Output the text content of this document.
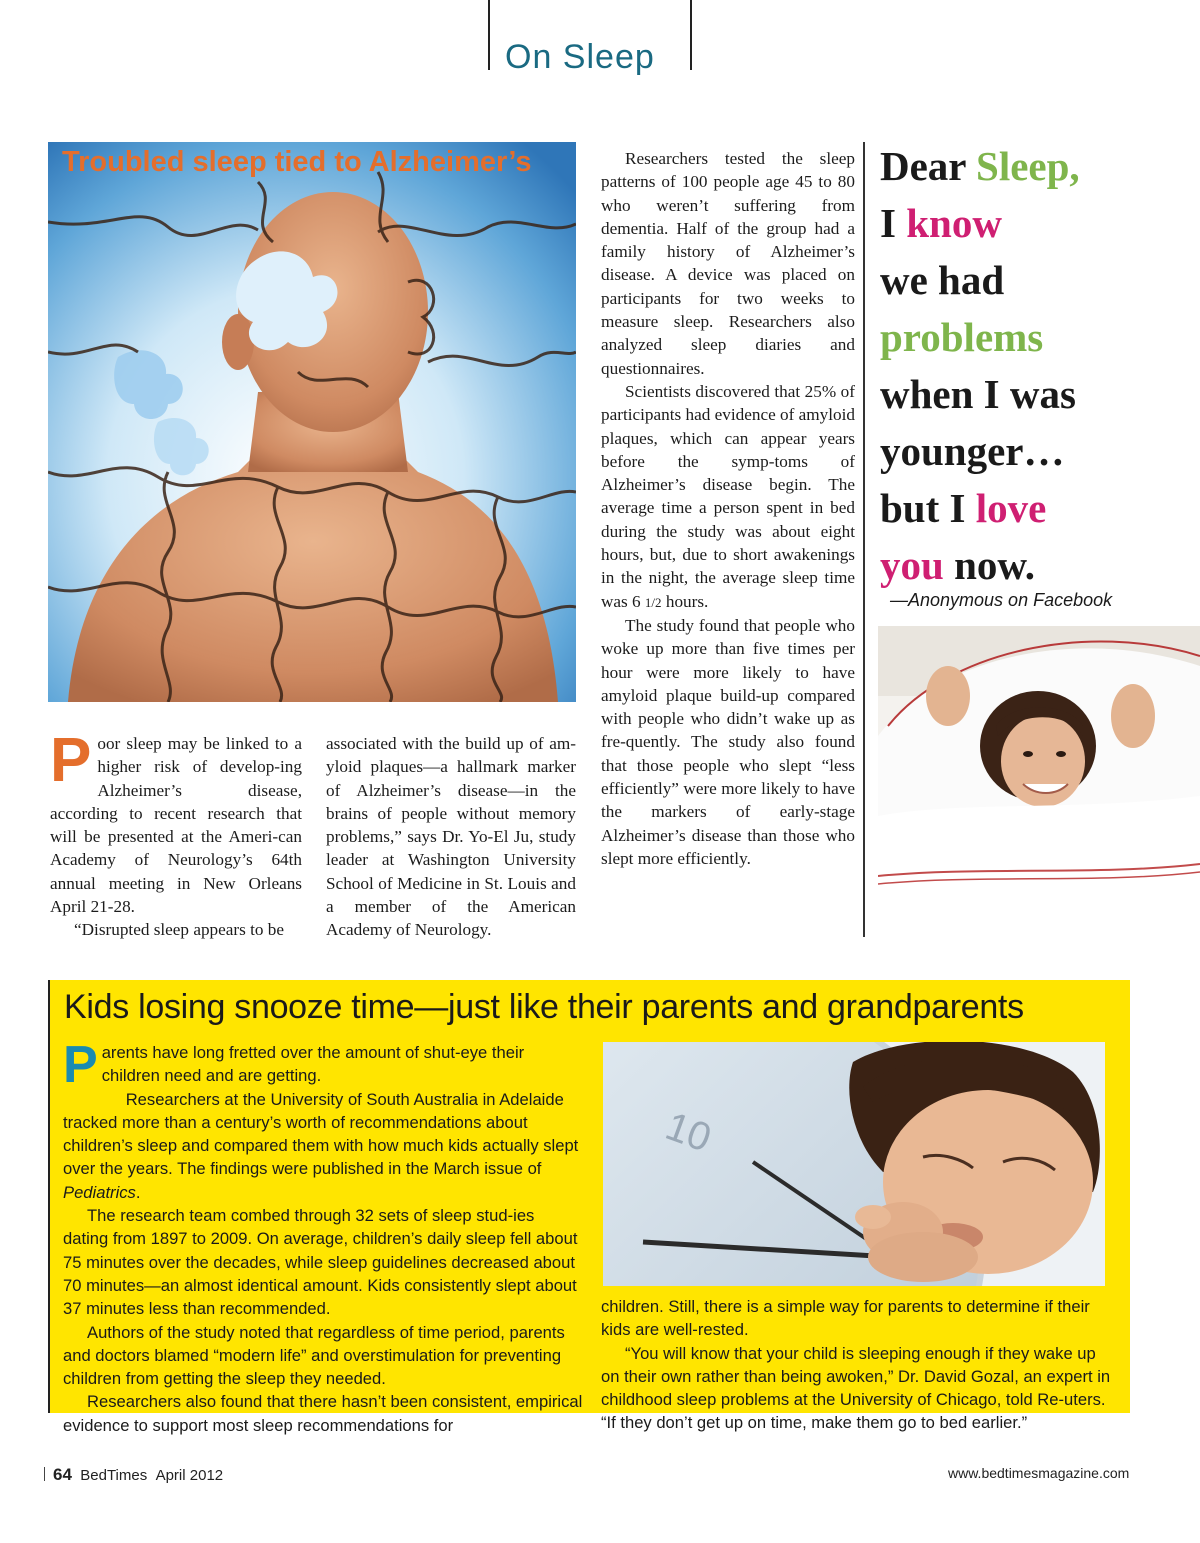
On Sleep
Troubled sleep tied to Alzheimer’s

Poor sleep may be linked to a higher risk of develop-ing Alzheimer’s disease, according to recent research that will be presented at the Ameri-can Academy of Neurology’s 64th annual meeting in New Orleans April 21-28.

“Disrupted sleep appears to be

associated with the build up of am-yloid plaques—a hallmark marker of Alzheimer’s disease—in the brains of people without memory problems,” says Dr. Yo-El Ju, study leader at Washington University School of Medicine in St. Louis and a member of the American Academy of Neurology.

Researchers tested the sleep patterns of 100 people age 45 to 80 who weren’t suffering from dementia. Half of the group had a family history of Alzheimer’s disease. A device was placed on participants for two weeks to measure sleep. Researchers also analyzed sleep diaries and questionnaires.

Scientists discovered that 25% of participants had evidence of amyloid plaques, which can appear years before the symp-toms of Alzheimer’s disease begin. The average time a person spent in bed during the study was about eight hours, but, due to short awakenings in the night, the average sleep time was 6 1/2 hours.

The study found that people who woke up more than five times per hour were more likely to have amyloid plaque build-up compared with people who didn’t wake up as fre-quently. The study also found that those people who slept “less efficiently” were more likely to have the markers of early-stage Alzheimer’s disease than those who slept more efficiently.

Dear Sleep,
I know
we had
problems
when I was
younger…
but I love
you now.
—Anonymous on Facebook
Kids losing snooze time—just like their parents and grandparents

Parents have long fretted over the amount of shut-eye their children need and are getting.

Researchers at the University of South Australia in Adelaide tracked more than a century’s worth of recommendations about children’s sleep and compared them with how much kids actually slept over the years. The findings were published in the March issue of Pediatrics.

The research team combed through 32 sets of sleep stud-ies dating from 1897 to 2009. On average, children’s daily sleep fell about 75 minutes over the decades, while sleep guidelines decreased about 70 minutes—an almost identical amount. Kids consistently slept about 37 minutes less than recommended.

Authors of the study noted that regardless of time period, parents and doctors blamed “modern life” and overstimulation for preventing children from getting the sleep they needed.

Researchers also found that there hasn’t been consistent, empirical evidence to support most sleep recommendations for

10

children. Still, there is a simple way for parents to determine if their kids are well-rested.

“You will know that your child is sleeping enough if they wake up on their own rather than being awoken,” Dr. David Gozal, an expert in childhood sleep problems at the University of Chicago, told Re-uters. “If they don’t get up on time, make them go to bed earlier.”

64 BedTimes April 2012	www.bedtimesmagazine.com
